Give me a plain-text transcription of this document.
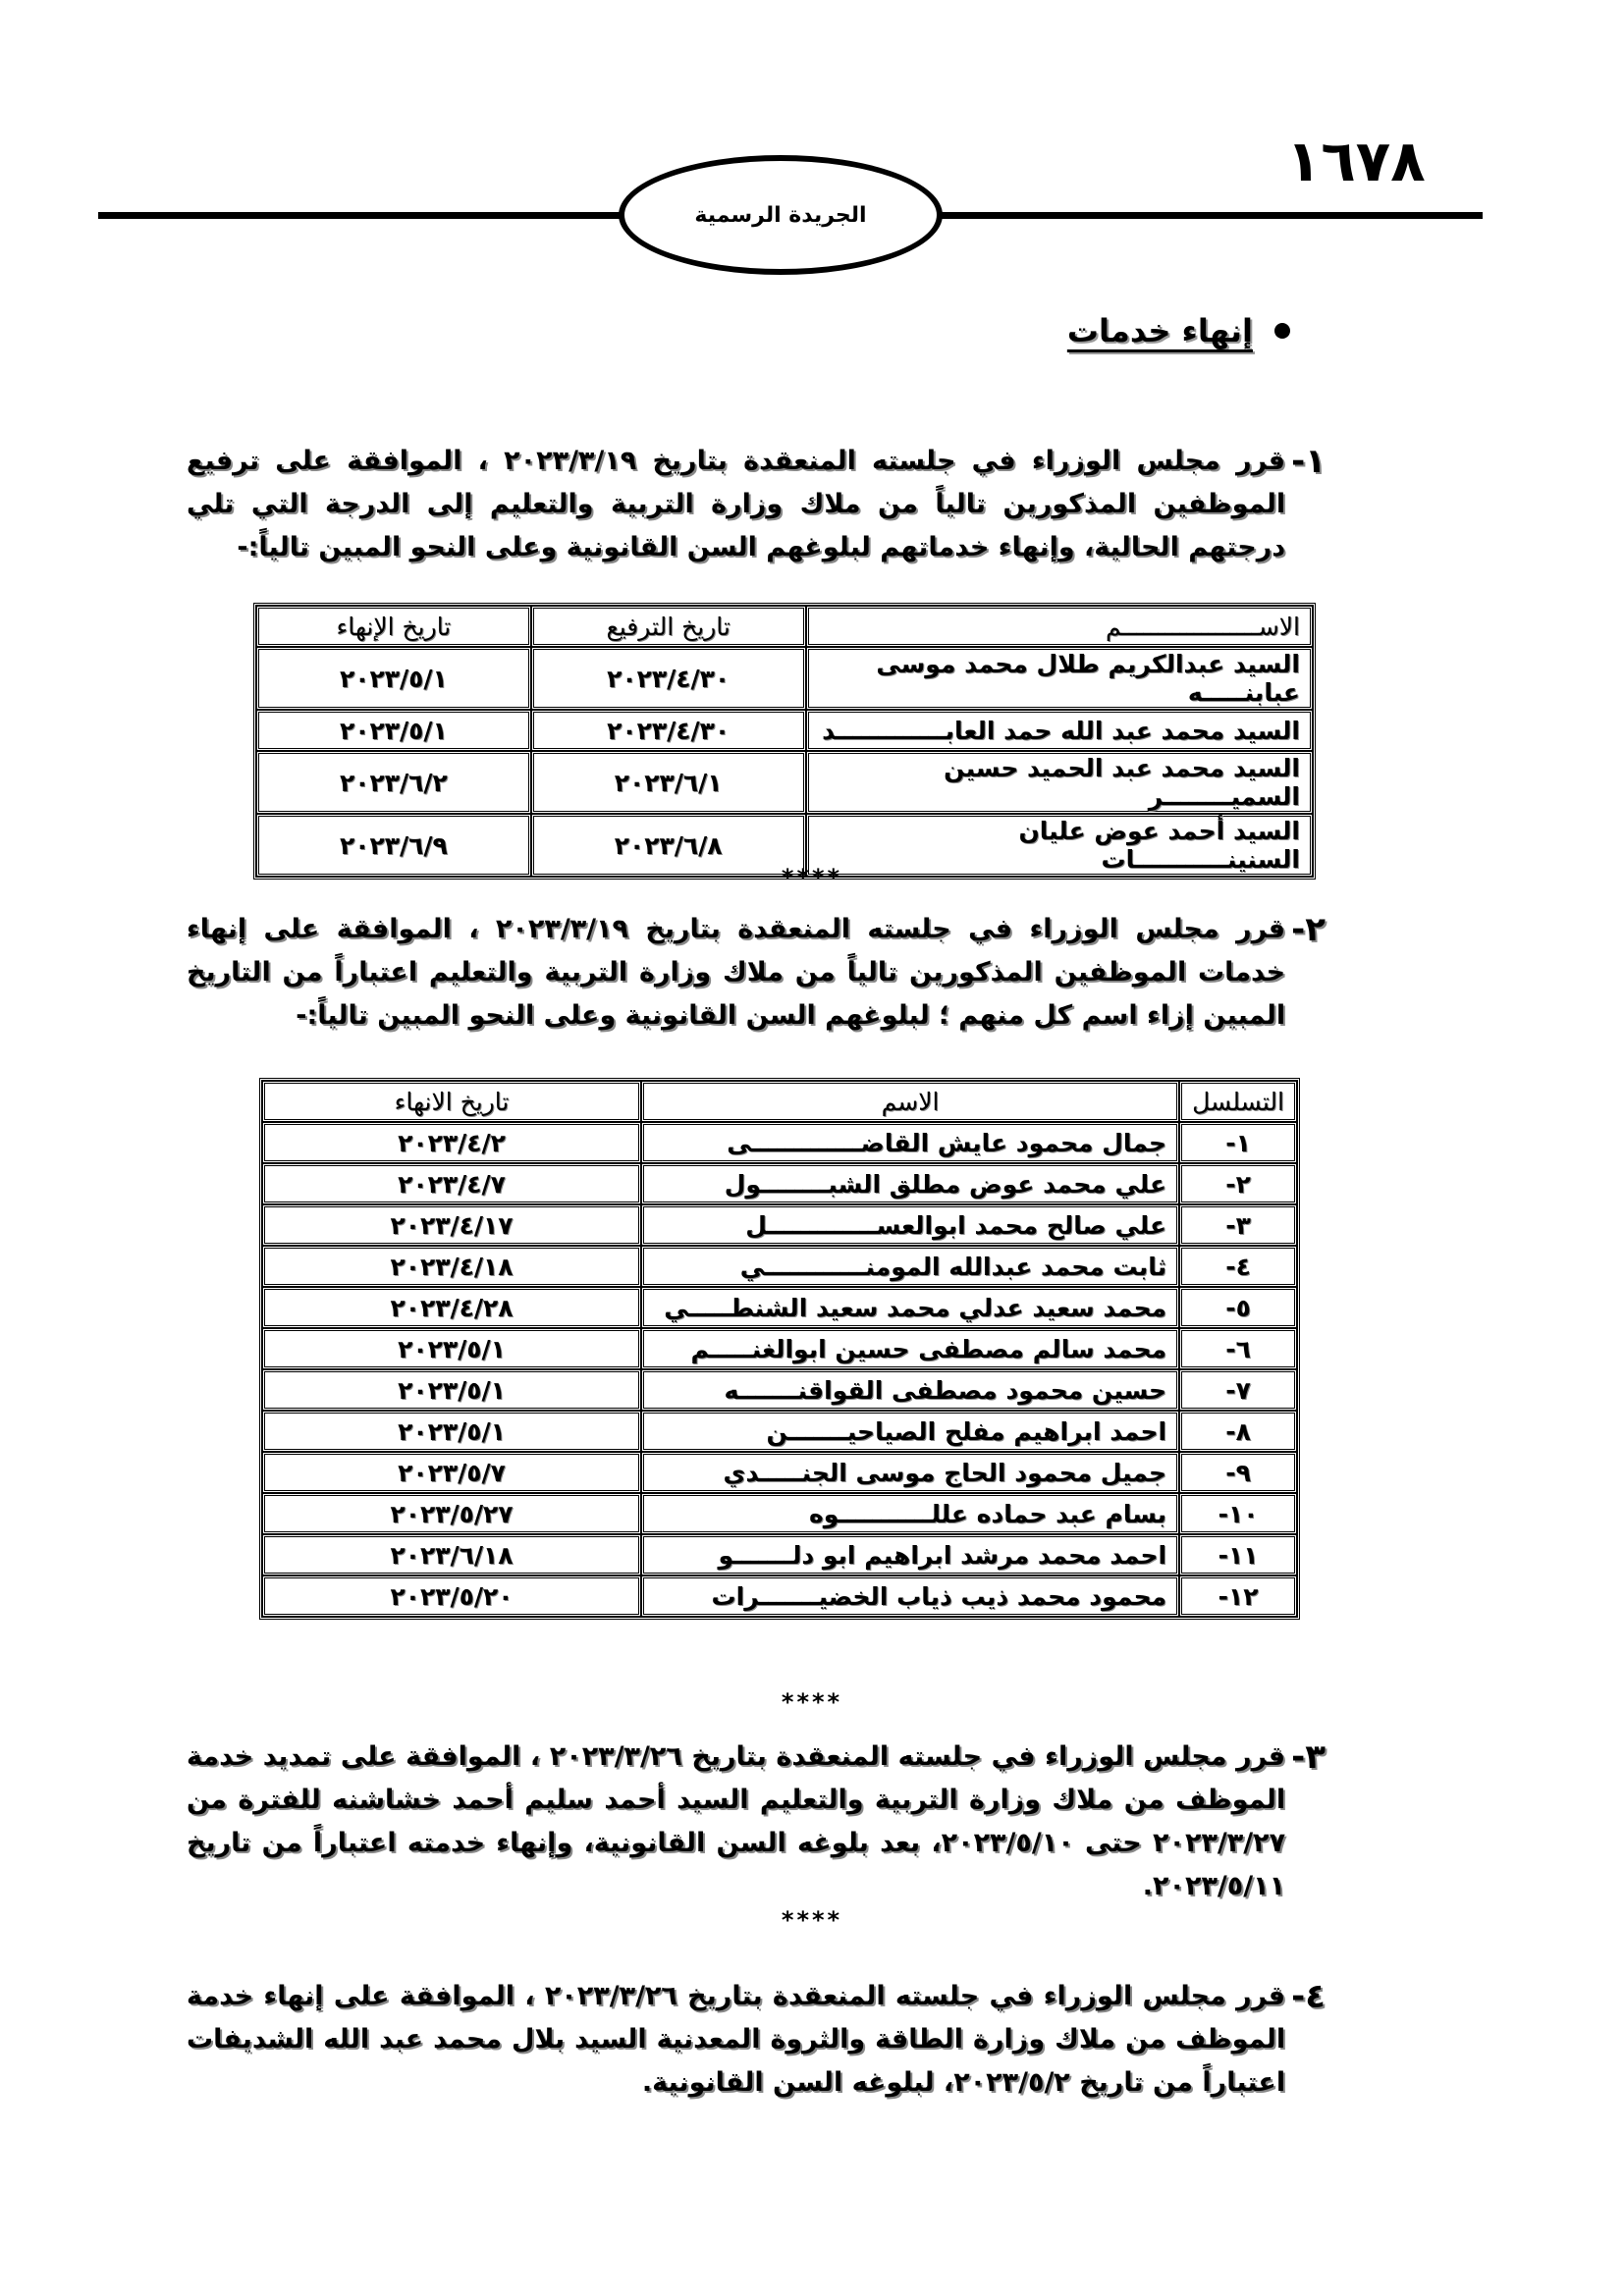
١٦٧٨
الجريدة الرسمية
إنهاء خدمات
١-
قرر مجلس الوزراء في جلسته المنعقدة بتاريخ ٢٠٢٣/٣/١٩ ، الموافقة على ترفيع الموظفين المذكورين تالياً من ملاك وزارة التربية والتعليم إلى الدرجة التي تلي درجتهم الحالية، وإنهاء خدماتهم لبلوغهم السن القانونية وعلى النحو المبين تالياً:-
الاســـــــــــــــــــم	تاريخ الترفيع	تاريخ الإنهاء
السيد عبدالكريم طلال محمد موسى عبابنـــــه	٢٠٢٣/٤/٣٠	٢٠٢٣/٥/١
السيد محمد عبد الله حمد العابـــــــــــــد	٢٠٢٣/٤/٣٠	٢٠٢٣/٥/١
السيد محمد عبد الحميد حسين السميــــــــر	٢٠٢٣/٦/١	٢٠٢٣/٦/٢
السيد أحمد عوض عليان السنينـــــــــــات	٢٠٢٣/٦/٨	٢٠٢٣/٦/٩
****
٢-
قرر مجلس الوزراء في جلسته المنعقدة بتاريخ ٢٠٢٣/٣/١٩ ، الموافقة على إنهاء خدمات الموظفين المذكورين تالياً من ملاك وزارة التربية والتعليم اعتباراً من التاريخ المبين إزاء اسم كل منهم ؛ لبلوغهم السن القانونية وعلى النحو المبين تالياً:-
التسلسل	الاسم	تاريخ الانهاء
١-	جمال محمود عايش القاضـــــــــــــى	٢٠٢٣/٤/٢
٢-	علي محمد عوض مطلق الشبــــــــول	٢٠٢٣/٤/٧
٣-	علي صالح محمد ابوالعســـــــــــــل	٢٠٢٣/٤/١٧
٤-	ثابت محمد عبدالله المومنــــــــــــي	٢٠٢٣/٤/١٨
٥-	محمد سعيد عدلي محمد سعيد الشنطـــــي	٢٠٢٣/٤/٢٨
٦-	محمد سالم مصطفى حسين ابوالغنـــــم	٢٠٢٣/٥/١
٧-	حسين محمود مصطفى القواقنـــــــه	٢٠٢٣/٥/١
٨-	احمد ابراهيم مفلح الصياحيـــــــن	٢٠٢٣/٥/١
٩-	جميل محمود الحاج موسى الجنـــــدي	٢٠٢٣/٥/٧
١٠-	بسام عبد حماده عللـــــــــــوه	٢٠٢٣/٥/٢٧
١١-	احمد محمد مرشد ابراهيم ابو دلـــــــو	٢٠٢٣/٦/١٨
١٢-	محمود محمد ذيب ذياب الخضيـــــــرات	٢٠٢٣/٥/٢٠
****
٣-
قرر مجلس الوزراء في جلسته المنعقدة بتاريخ ٢٠٢٣/٣/٢٦ ، الموافقة على تمديد خدمة الموظف من ملاك وزارة التربية والتعليم السيد أحمد سليم أحمد خشاشنه للفترة من ٢٠٢٣/٣/٢٧ حتى ٢٠٢٣/٥/١٠، بعد بلوغه السن القانونية، وإنهاء خدمته اعتباراً من تاريخ ٢٠٢٣/٥/١١.
****
٤-
قرر مجلس الوزراء في جلسته المنعقدة بتاريخ ٢٠٢٣/٣/٢٦ ، الموافقة على إنهاء خدمة الموظف من ملاك وزارة الطاقة والثروة المعدنية السيد بلال محمد عبد الله الشديفات اعتباراً من تاريخ ٢٠٢٣/٥/٢، لبلوغه السن القانونية.
